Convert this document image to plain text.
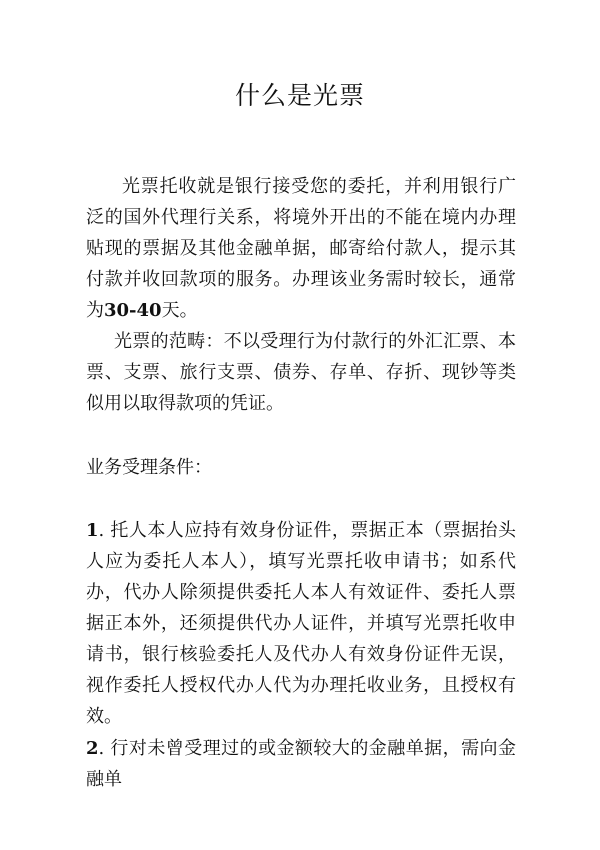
什么是光票

光票托收就是银行接受您的委托，并利用银行广泛的国外代理行关系，将境外开出的不能在境内办理贴现的票据及其他金融单据，邮寄给付款人，提示其付款并收回款项的服务。办理该业务需时较长，通常为30-40天。

光票的范畴：不以受理行为付款行的外汇汇票、本票、支票、旅行支票、债券、存单、存折、现钞等类似用以取得款项的凭证。

业务受理条件：

1. 托人本人应持有效身份证件，票据正本（票据抬头人应为委托人本人），填写光票托收申请书；如系代办，代办人除须提供委托人本人有效证件、委托人票据正本外，还须提供代办人证件，并填写光票托收申请书，银行核验委托人及代办人有效身份证件无误，视作委托人授权代办人代为办理托收业务，且授权有效。

2. 行对未曾受理过的或金额较大的金融单据，需向金融单
